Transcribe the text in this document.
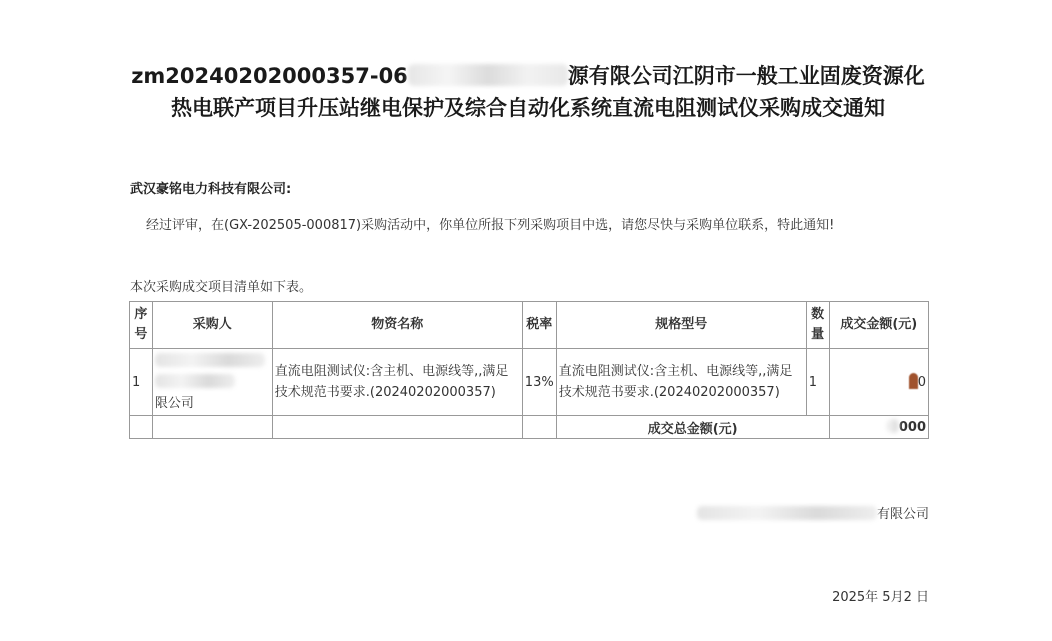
zm20240202000357-06	源有限公司江阴市一般工业固废资源化热电联产项目升压站继电保护及综合自动化系统直流电阻测试仪采购成交通知
武汉豪铭电力科技有限公司:
经过评审，在(GX-202505-000817)采购活动中，你单位所报下列采购项目中选，请您尽快与采购单位联系，特此通知!
本次采购成交项目清单如下表。
序号	采购人	物资名称	税率	规格型号	数量	成交金额(元)
1	限公司	直流电阻测试仪:含主机、电源线等,,满足技术规范书要求.(20240202000357)	13%	直流电阻测试仪:含主机、电源线等,,满足技术规范书要求.(20240202000357)	1	0
				成交总金额(元)		000
有限公司
2025年 5月2 日
